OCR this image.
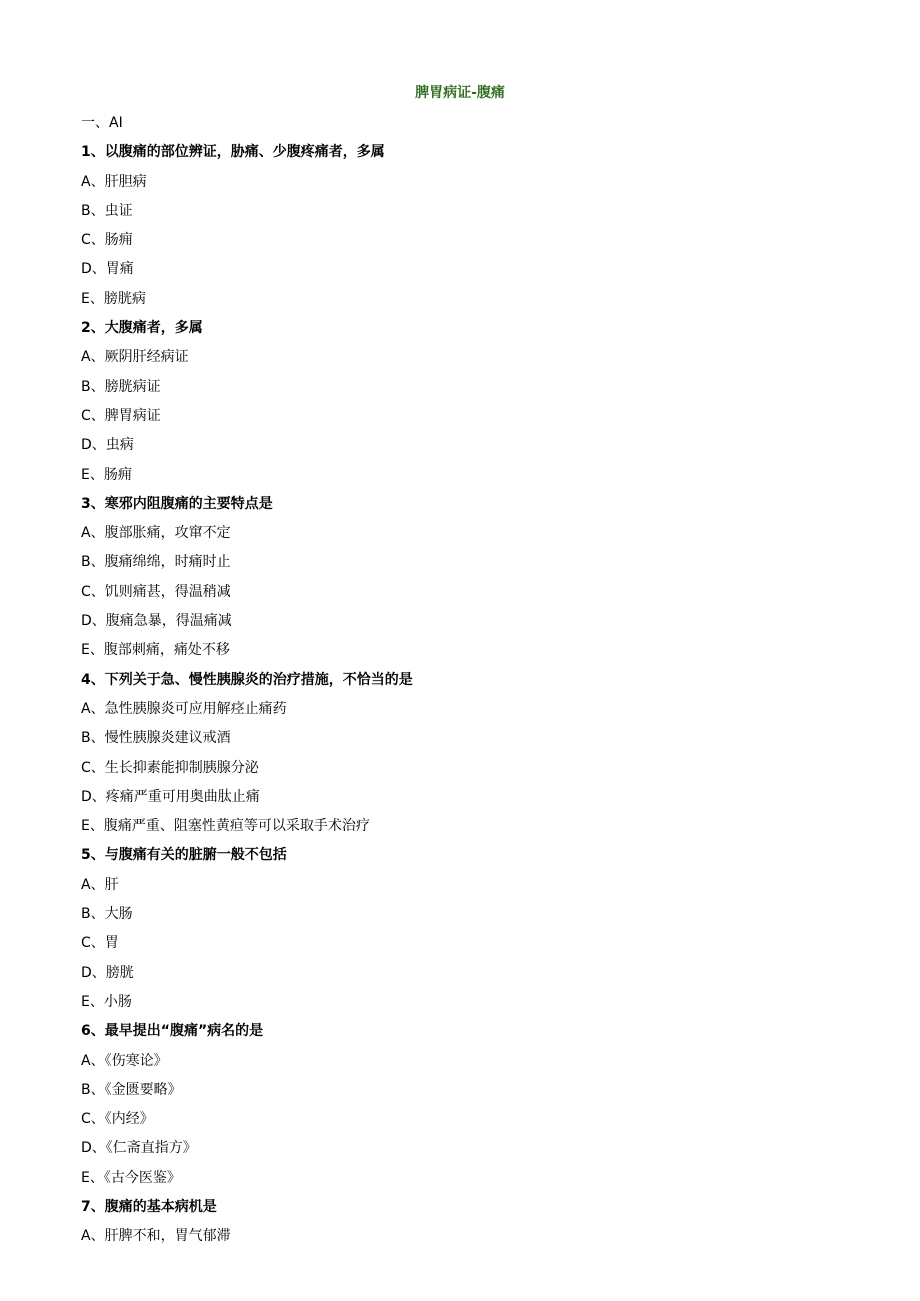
脾胃病证-腹痛
一、AI
1、以腹痛的部位辨证，胁痛、少腹疼痛者，多属
A、肝胆病
B、虫证
C、肠痈
D、胃痛
E、膀胱病
2、大腹痛者，多属
A、厥阴肝经病证
B、膀胱病证
C、脾胃病证
D、虫病
E、肠痈
3、寒邪内阻腹痛的主要特点是
A、腹部胀痛，攻窜不定
B、腹痛绵绵，时痛时止
C、饥则痛甚，得温稍减
D、腹痛急暴，得温痛减
E、腹部刺痛，痛处不移
4、下列关于急、慢性胰腺炎的治疗措施，不恰当的是
A、急性胰腺炎可应用解痉止痛药
B、慢性胰腺炎建议戒酒
C、生长抑素能抑制胰腺分泌
D、疼痛严重可用奥曲肽止痛
E、腹痛严重、阻塞性黄疸等可以采取手术治疗
5、与腹痛有关的脏腑一般不包括
A、肝
B、大肠
C、胃
D、膀胱
E、小肠
6、最早提出“腹痛”病名的是
A、《伤寒论》
B、《金匮要略》
C、《内经》
D、《仁斋直指方》
E、《古今医鉴》
7、腹痛的基本病机是
A、肝脾不和，胃气郁滞
